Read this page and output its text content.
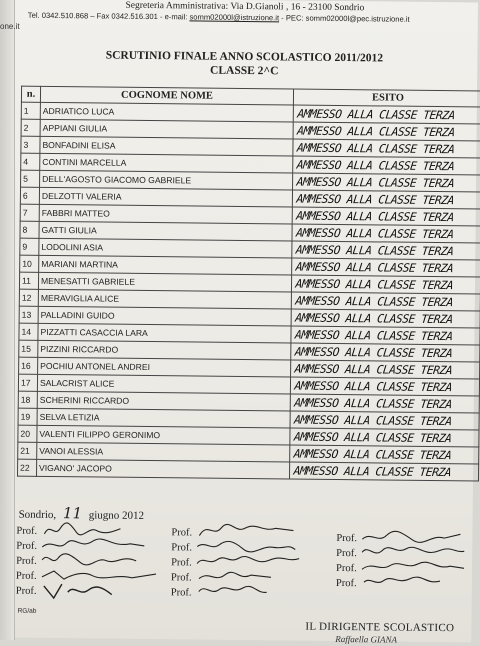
Segreteria Amministrativa: Via D.Gianoli , 16 - 23100 Sondrio
Tel. 0342.510.868 – Fax 0342.516.301 - e-mail: somm02000l@istruzione.it - PEC: somm02000l@pec.istruzione.it
SCRUTINIO FINALE ANNO SCOLASTICO 2011/2012
CLASSE 2^C
n.	COGNOME NOME	ESITO
1	ADRIATICO LUCA	AMMESSO ALLA CLASSE TERZA
2	APPIANI GIULIA	AMMESSO ALLA CLASSE TERZA
3	BONFADINI ELISA	AMMESSO ALLA CLASSE TERZA
4	CONTINI MARCELLA	AMMESSO ALLA CLASSE TERZA
5	DELL'AGOSTO GIACOMO GABRIELE	AMMESSO ALLA CLASSE TERZA
6	DELZOTTI VALERIA	AMMESSO ALLA CLASSE TERZA
7	FABBRI MATTEO	AMMESSO ALLA CLASSE TERZA
8	GATTI GIULIA	AMMESSO ALLA CLASSE TERZA
9	LODOLINI ASIA	AMMESSO ALLA CLASSE TERZA
10	MARIANI MARTINA	AMMESSO ALLA CLASSE TERZA
11	MENESATTI GABRIELE	AMMESSO ALLA CLASSE TERZA
12	MERAVIGLIA ALICE	AMMESSO ALLA CLASSE TERZA
13	PALLADINI GUIDO	AMMESSO ALLA CLASSE TERZA
14	PIZZATTI CASACCIA LARA	AMMESSO ALLA CLASSE TERZA
15	PIZZINI RICCARDO	AMMESSO ALLA CLASSE TERZA
16	POCHIU ANTONEL ANDREI	AMMESSO ALLA CLASSE TERZA
17	SALACRIST ALICE	AMMESSO ALLA CLASSE TERZA
18	SCHERINI RICCARDO	AMMESSO ALLA CLASSE TERZA
19	SELVA LETIZIA	AMMESSO ALLA CLASSE TERZA
20	VALENTI FILIPPO GERONIMO	AMMESSO ALLA CLASSE TERZA
21	VANOI ALESSIA	AMMESSO ALLA CLASSE TERZA
22	VIGANO' JACOPO	AMMESSO ALLA CLASSE TERZA
Sondrio, 11 giugno 2012
Prof.
Prof.
Prof.
Prof.
Prof.
Prof.
Prof.
Prof.
Prof.
Prof.
Prof.
Prof.
Prof.
Prof.
RG/ab
IL DIRIGENTE SCOLASTICO
Raffaella GIANA
one.it
